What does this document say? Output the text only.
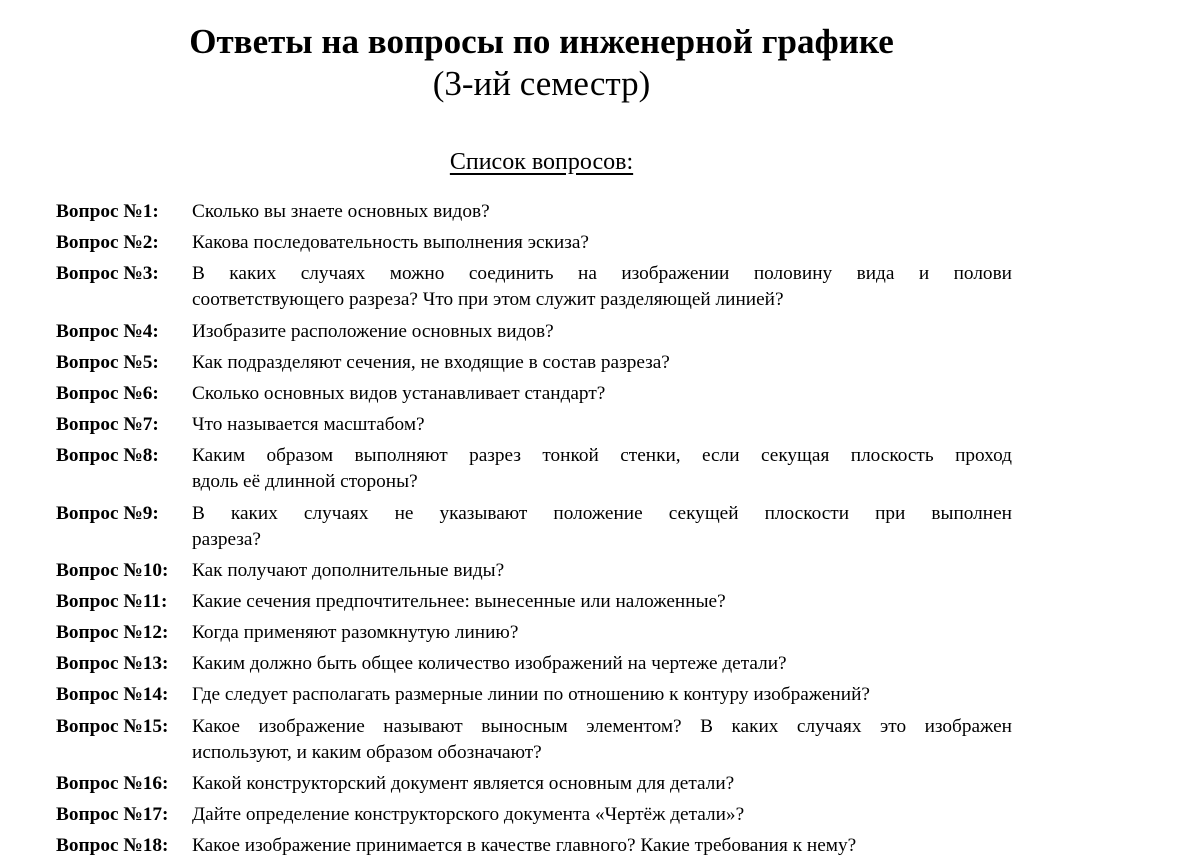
Ответы на вопросы по инженерной графике
(3-ий семестр)
Список вопросов:
Вопрос №1:	Сколько вы знаете основных видов?
Вопрос №2:	Какова последовательность выполнения эскиза?
Вопрос №3:	В каких случаях можно соединить на изображении половину вида и полови
соответствующего разреза? Что при этом служит разделяющей линией?
Вопрос №4:	Изобразите расположение основных видов?
Вопрос №5:	Как подразделяют сечения, не входящие в состав разреза?
Вопрос №6:	Сколько основных видов устанавливает стандарт?
Вопрос №7:	Что называется масштабом?
Вопрос №8:	Каким образом выполняют разрез тонкой стенки, если секущая плоскость проход
вдоль её длинной стороны?
Вопрос №9:	В каких случаях не указывают положение секущей плоскости при выполнен
разреза?
Вопрос №10:	Как получают дополнительные виды?
Вопрос №11:	Какие сечения предпочтительнее: вынесенные или наложенные?
Вопрос №12:	Когда применяют разомкнутую линию?
Вопрос №13:	Каким должно быть общее количество изображений на чертеже детали?
Вопрос №14:	Где следует располагать размерные линии по отношению к контуру изображений?
Вопрос №15:	Какое изображение называют выносным элементом? В каких случаях это изображен
используют, и каким образом обозначают?
Вопрос №16:	Какой конструкторский документ является основным для детали?
Вопрос №17:	Дайте определение конструкторского документа «Чертёж детали»?
Вопрос №18:	Какое изображение принимается в качестве главного? Какие требования к нему?
